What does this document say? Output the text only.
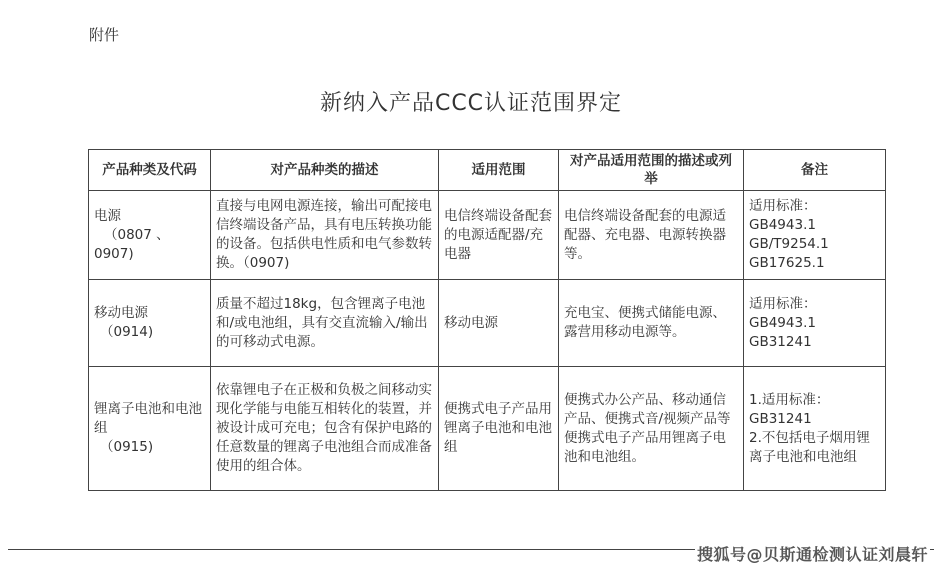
附件
新纳入产品CCC认证范围界定
产品种类及代码	对产品种类的描述	适用范围	对产品适用范围的描述或列举	备注

电源
（0807 、
0907)	直接与电网电源连接，输出可配接电信终端设备产品，具有电压转换功能的设备。包括供电性质和电气参数转换。（0907)	电信终端设备配套的电源适配器/充电器	电信终端设备配套的电源适配器、充电器、电源转换器等。	适用标准：
GB4943.1
GB/T9254.1
GB17625.1

移动电源
（0914)	质量不超过18kg，包含锂离子电池和/或电池组，具有交直流输入/输出的可移动式电源。	移动电源	充电宝、便携式储能电源、露营用移动电源等。	适用标准：
GB4943.1
GB31241

锂离子电池和电池组
（0915)	依靠锂电子在正极和负极之间移动实现化学能与电能互相转化的装置，并被设计成可充电；包含有保护电路的任意数量的锂离子电池组合而成准备使用的组合体。	便携式电子产品用锂离子电池和电池组	便携式办公产品、移动通信产品、便携式音/视频产品等便携式电子产品用锂离子电池和电池组。	1.适用标准：
GB31241
2.不包括电子烟用锂离子电池和电池组
搜狐号@贝斯通检测认证刘晨轩
